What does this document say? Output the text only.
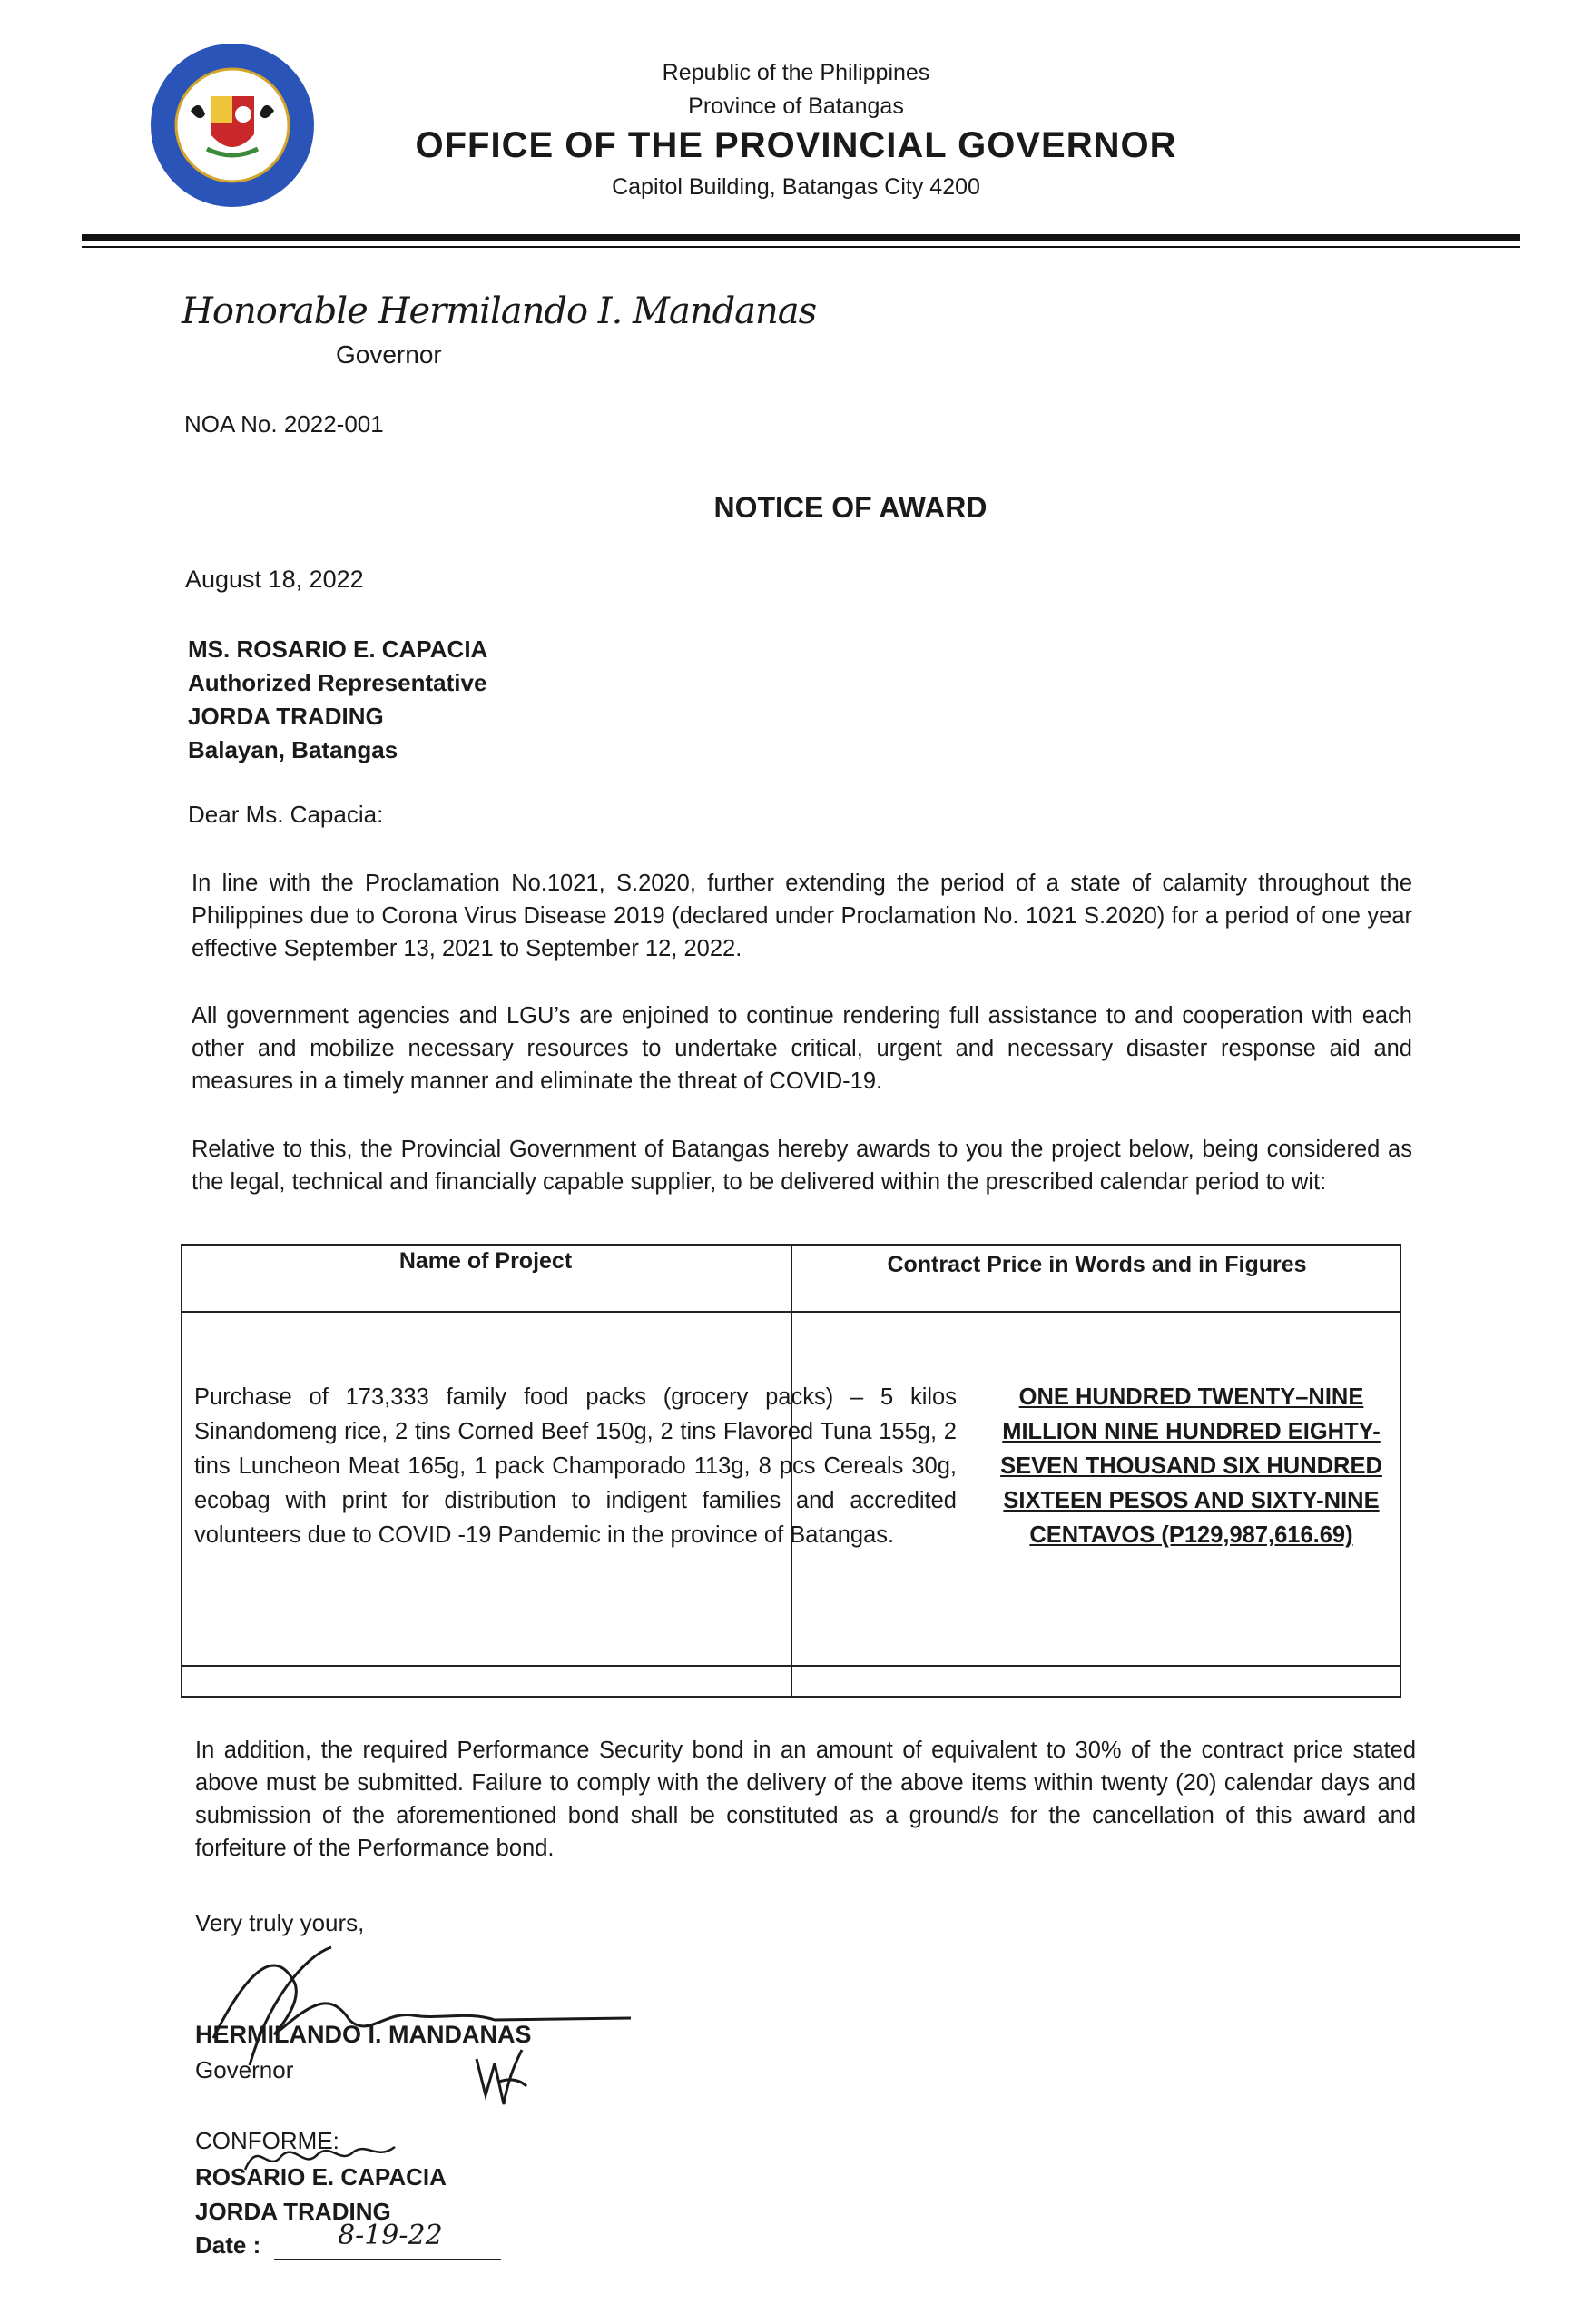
Republic of the Philippines
Province of Batangas
OFFICE OF THE PROVINCIAL GOVERNOR
Capitol Building, Batangas City 4200
Honorable Hermilando I. Mandanas
Governor
NOA No. 2022-001
NOTICE OF AWARD
August 18, 2022
MS. ROSARIO E. CAPACIA
Authorized Representative
JORDA TRADING
Balayan, Batangas
Dear Ms. Capacia:
In line with the Proclamation No.1021, S.2020, further extending the period of a state of calamity throughout the Philippines due to Corona Virus Disease 2019 (declared under Proclamation No. 1021 S.2020) for a period of one year effective September 13, 2021 to September 12, 2022.
All government agencies and LGU’s are enjoined to continue rendering full assistance to and cooperation with each other and mobilize necessary resources to undertake critical, urgent and necessary disaster response aid and measures in a timely manner and eliminate the threat of COVID-19.
Relative to this, the Provincial Government of Batangas hereby awards to you the project below, being considered as the legal, technical and financially capable supplier, to be delivered within the prescribed calendar period to wit:
Name of Project	Contract Price in Words and in Figures
Purchase of 173,333 family food packs (grocery packs) – 5 kilos Sinandomeng rice, 2 tins Corned Beef 150g, 2 tins Flavored Tuna 155g, 2 tins Luncheon Meat 165g, 1 pack Champorado 113g, 8 pcs Cereals 30g, ecobag with print for distribution to indigent families and accredited volunteers due to COVID -19 Pandemic in the province of Batangas.
ONE HUNDRED TWENTY–NINE MILLION NINE HUNDRED EIGHTY-SEVEN THOUSAND SIX HUNDRED SIXTEEN PESOS AND SIXTY-NINE CENTAVOS (P129,987,616.69)
In addition, the required Performance Security bond in an amount of equivalent to 30% of the contract price stated above must be submitted. Failure to comply with the delivery of the above items within twenty (20) calendar days and submission of the aforementioned bond shall be constituted as a ground/s for the cancellation of this award and forfeiture of the Performance bond.
Very truly yours,
HERMILANDO I. MANDANAS
Governor
CONFORME:
ROSARIO E. CAPACIA
JORDA TRADING
Date :	8-19-22
